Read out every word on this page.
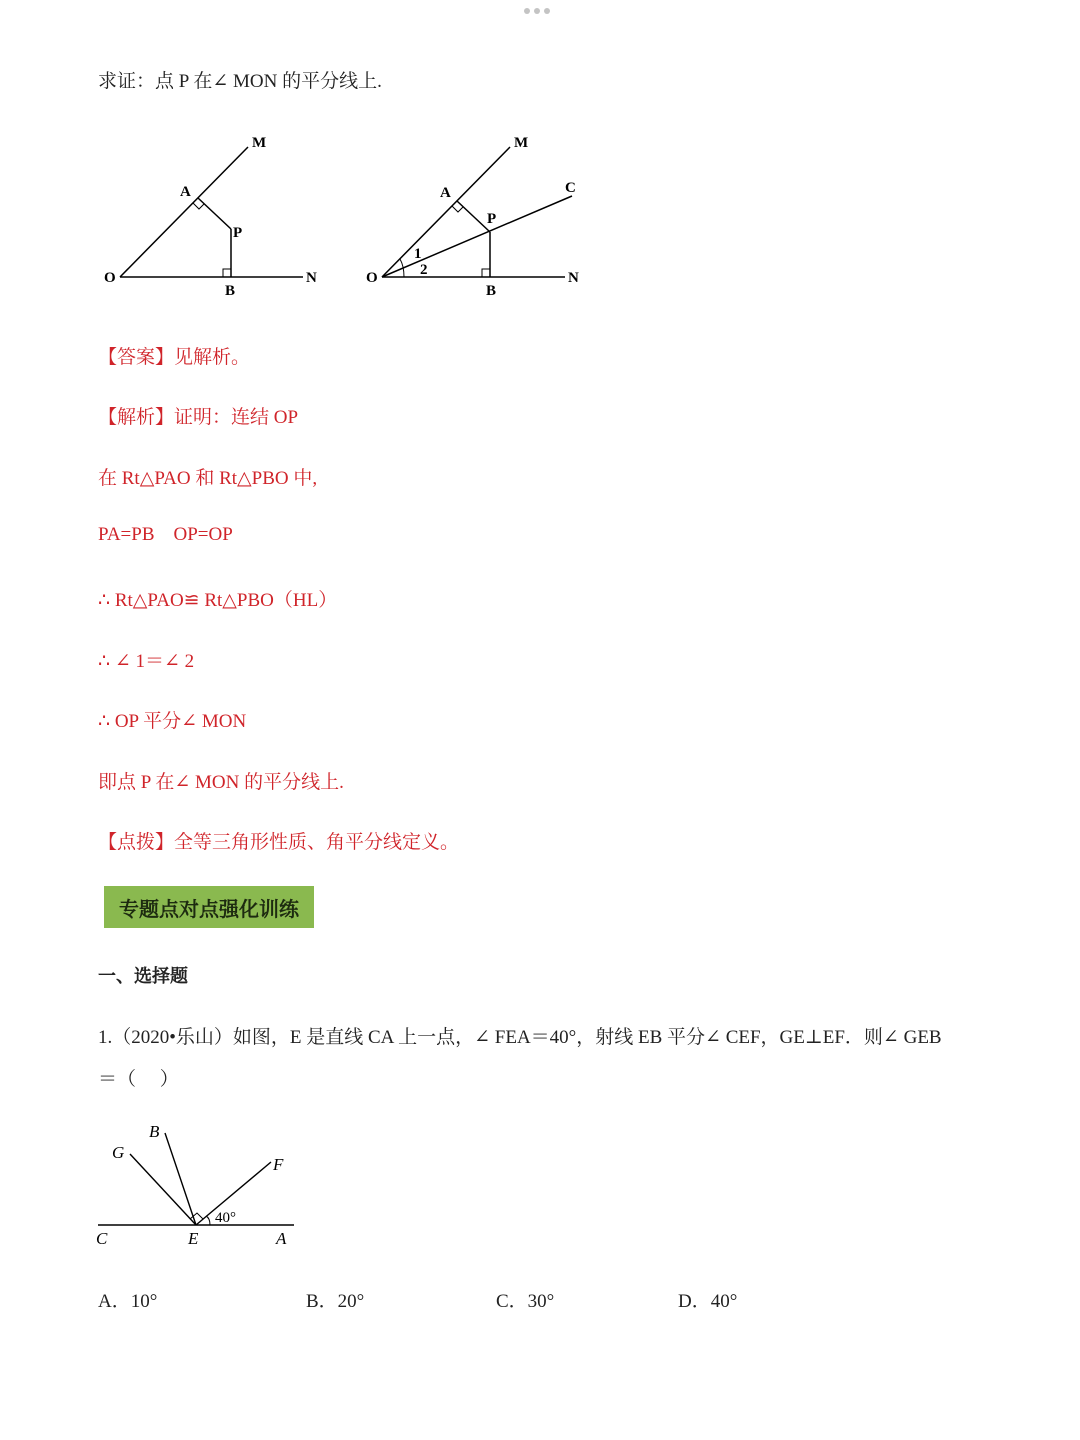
求证：点 P 在∠ MON 的平分线上.
M
A
P
O
B
N
M
C
A
P
1
2
O
B
N
【答案】见解析。
【解析】证明：连结 OP
在 Rt△PAO 和 Rt△PBO 中,
PA=PB    OP=OP
∴ Rt△PAO≌ Rt△PBO（HL）
∴ ∠ 1＝∠ 2
∴ OP 平分∠ MON
即点 P 在∠ MON 的平分线上.
【点拨】全等三角形性质、角平分线定义。
专题点对点强化训练
一、选择题
1.（2020•乐山）如图，E 是直线 CA 上一点，∠ FEA＝40°，射线 EB 平分∠ CEF，GE⊥EF．则∠ GEB
＝（     ）
B
G
F
C	E	A
40°
A．10°	B．20°	C．30°	D．40°
